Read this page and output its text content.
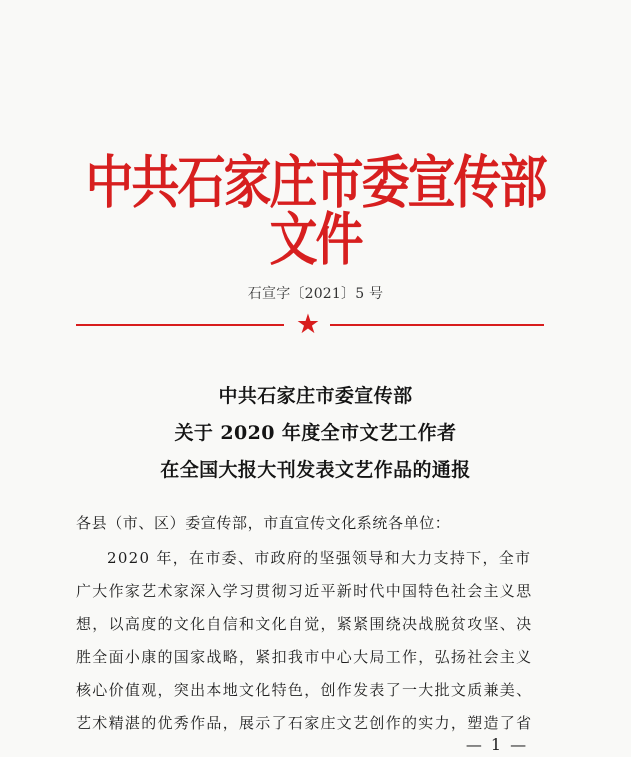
中共石家庄市委宣传部文件
石宣字〔2021〕5 号
★
中共石家庄市委宣传部
关于 2020 年度全市文艺工作者
在全国大报大刊发表文艺作品的通报
各县（市、区）委宣传部，市直宣传文化系统各单位：
2020 年，在市委、市政府的坚强领导和大力支持下，全市
广大作家艺术家深入学习贯彻习近平新时代中国特色社会主义思
想，以高度的文化自信和文化自觉，紧紧围绕决战脱贫攻坚、决
胜全面小康的国家战略，紧扣我市中心大局工作，弘扬社会主义
核心价值观，突出本地文化特色，创作发表了一大批文质兼美、
艺术精湛的优秀作品，展示了石家庄文艺创作的实力，塑造了省
— 1 —
